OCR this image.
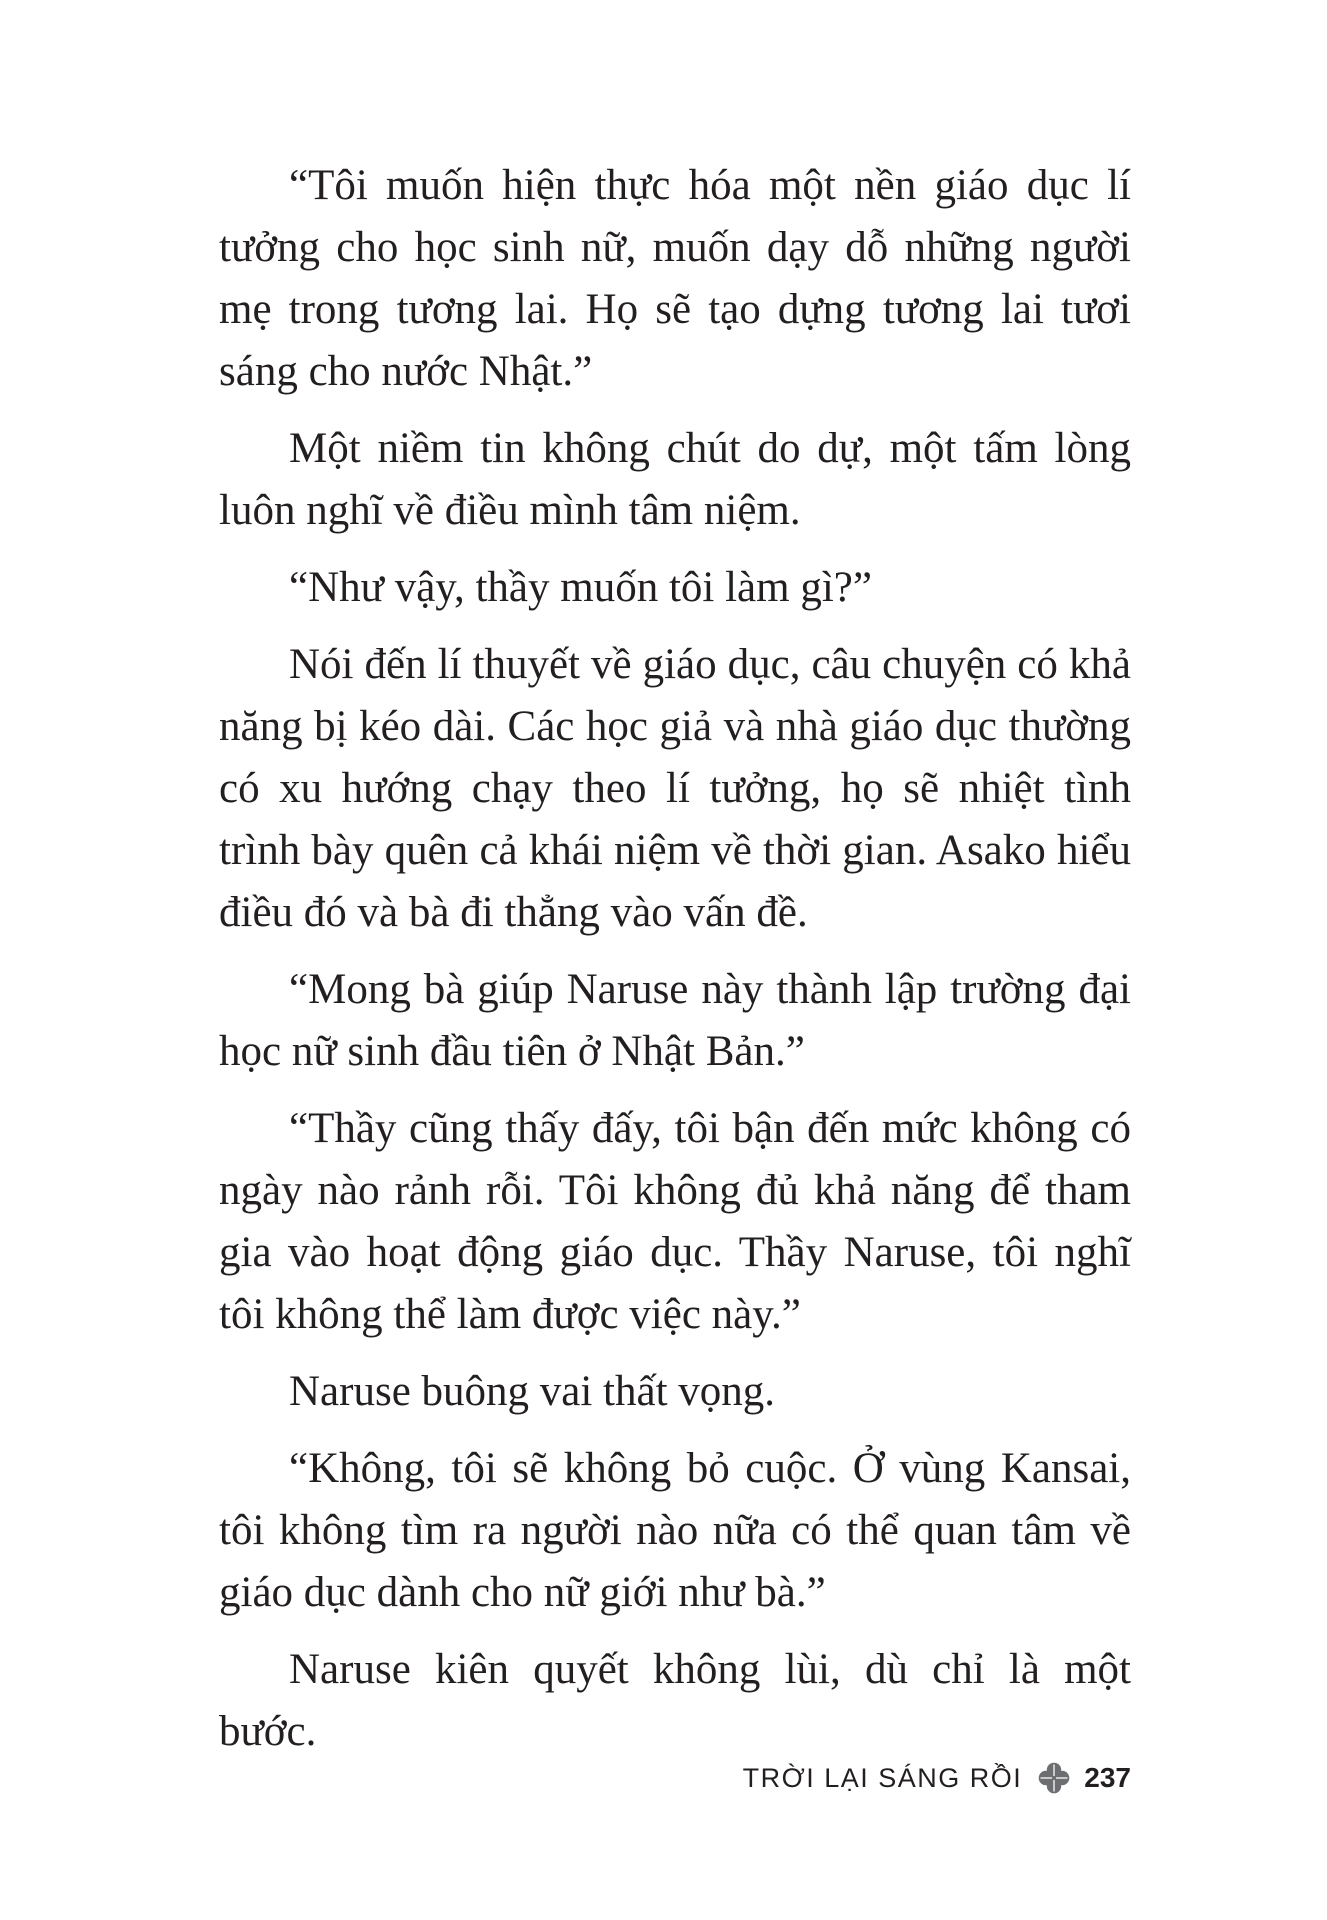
“Tôi muốn hiện thực hóa một nền giáo dục lí tưởng cho học sinh nữ, muốn dạy dỗ những người mẹ trong tương lai. Họ sẽ tạo dựng tương lai tươi sáng cho nước Nhật.”

Một niềm tin không chút do dự, một tấm lòng luôn nghĩ về điều mình tâm niệm.

“Như vậy, thầy muốn tôi làm gì?”

Nói đến lí thuyết về giáo dục, câu chuyện có khả năng bị kéo dài. Các học giả và nhà giáo dục thường có xu hướng chạy theo lí tưởng, họ sẽ nhiệt tình trình bày quên cả khái niệm về thời gian. Asako hiểu điều đó và bà đi thẳng vào vấn đề.

“Mong bà giúp Naruse này thành lập trường đại học nữ sinh đầu tiên ở Nhật Bản.”

“Thầy cũng thấy đấy, tôi bận đến mức không có ngày nào rảnh rỗi. Tôi không đủ khả năng để tham gia vào hoạt động giáo dục. Thầy Naruse, tôi nghĩ tôi không thể làm được việc này.”

Naruse buông vai thất vọng.

“Không, tôi sẽ không bỏ cuộc. Ở vùng Kansai, tôi không tìm ra người nào nữa có thể quan tâm về giáo dục dành cho nữ giới như bà.”

Naruse kiên quyết không lùi, dù chỉ là một bước.

TRỜI LẠI SÁNG RỒI 237
